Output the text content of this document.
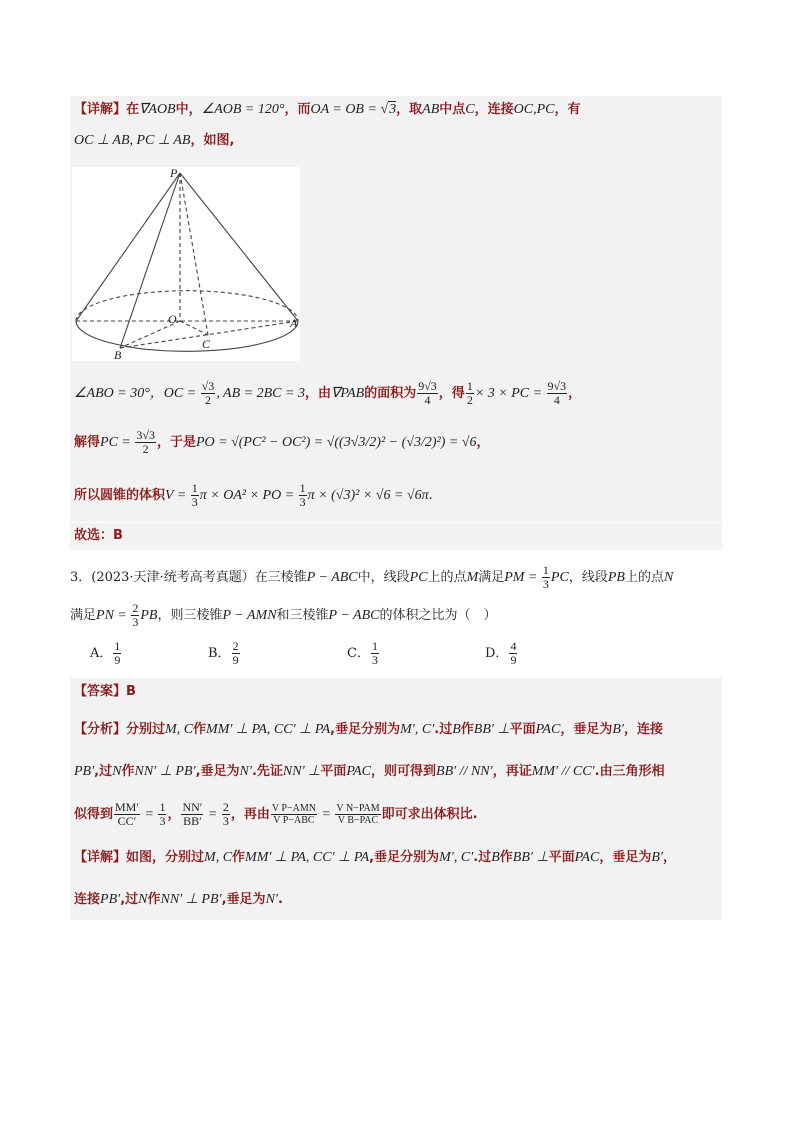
【详解】在∇AOB中，∠AOB = 120°，而OA = OB = √3，取AB中点C，连接OC,PC，有
OC ⊥ AB, PC ⊥ AB，如图,
∠ABO = 30°，OC = $\frac{√3}{2}$ , AB = 2BC = 3，由∇PAB的面积为 $\frac{9√3}{4}$ ，得 $\frac{1}{2} \times 3$ × PC = $\frac{9√3}{4}$ ，
解得PC = $\frac{3√3}{2}$ ，于是PO = √(PC² − OC²) = √((3√3/2)² − (√3/2)²) = √6，
所以圆锥的体积$V = \frac{1}{3}$ π × OA² × PO = $\frac{1}{3}$ π × (√3)² × √6 = √6π.
P
O	A
B
C
故选：B
3．(2023·天津·统考高考真题）在三棱锥P − ABC中，线段PC上的点M满足PM = $\frac{1}{3}$ PC，线段PB上的点N
满足PN = $\frac{2}{3}$ PB，则三棱锥P − AMN和三棱锥P − ABC的体积之比为（　）
A． $\frac{1}{9}$	B． $\frac{2}{9}$	C． $\frac{1}{3}$	D． $\frac{4}{9}$
【答案】B
【分析】分别过M, C作MM′ ⊥ PA, CC′ ⊥ PA,垂足分别为M′, C′.过B作BB′ ⊥平面PAC，垂足为B′，连接
PB′,过N作NN′ ⊥ PB′,垂足为N′.先证NN′ ⊥平面PAC，则可得到BB′ // NN′，再证MM′ // CC′.由三角形相
似得到 $\frac{MM'}{CC'} = \frac{1}{3}$ ， $\frac{NN'}{BB'} = \frac{2}{3}$ ，再由 $\frac{\text{V P−AMN}}{\text{V P−ABC}} = \frac{\text{V N−PAM}}{\text{V B−PAC}}$ 即可求出体积比.
【详解】如图，分别过M, C作MM′ ⊥ PA, CC′ ⊥ PA,垂足分别为M′, C′.过B作BB′ ⊥平面PAC，垂足为B′，
连接PB′,过N作NN′ ⊥ PB′,垂足为N′.
